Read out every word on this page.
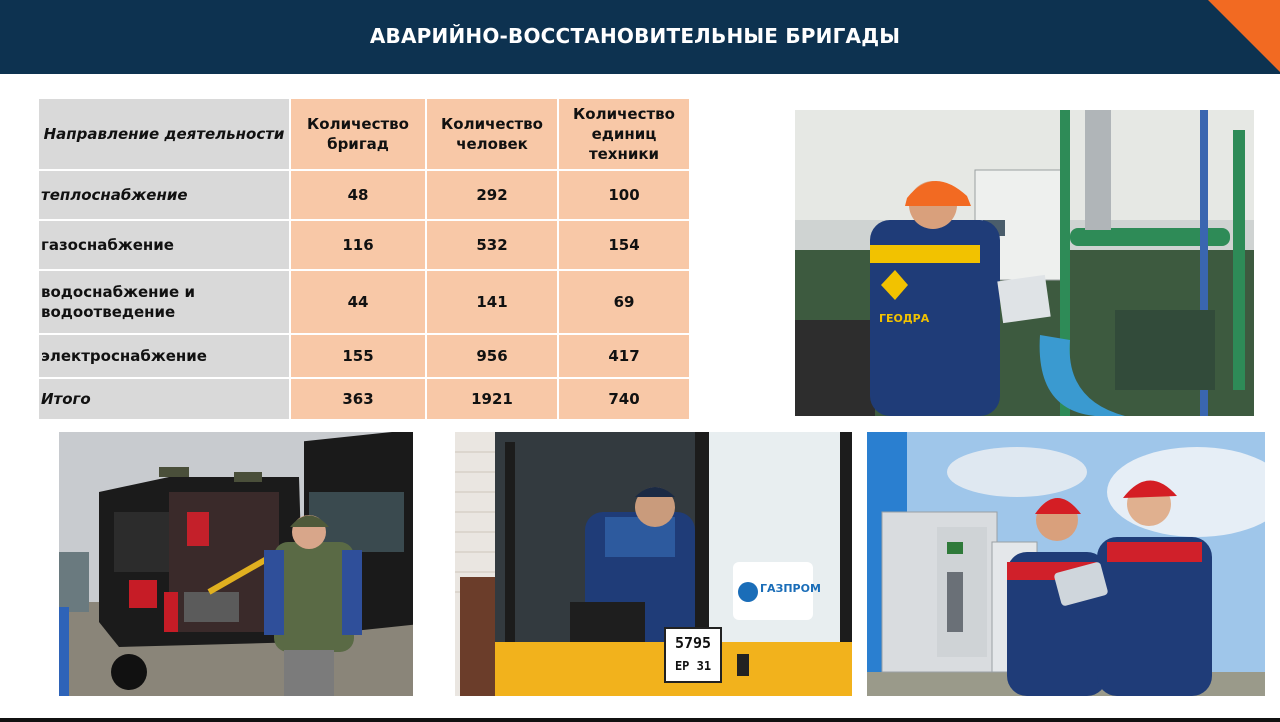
АВАРИЙНО-ВОССТАНОВИТЕЛЬНЫЕ БРИГАДЫ
Направление деятельности	Количество бригад	Количество человек	Количество единиц техники
теплоснабжение	48	292	100
газоснабжение	116	532	154
водоснабжение и водоотведение	44	141	69
электроснабжение	155	956	417
Итого	363	1921	740
ГЕОДРА
ГАЗПРОМ
5795
ЕР 31
